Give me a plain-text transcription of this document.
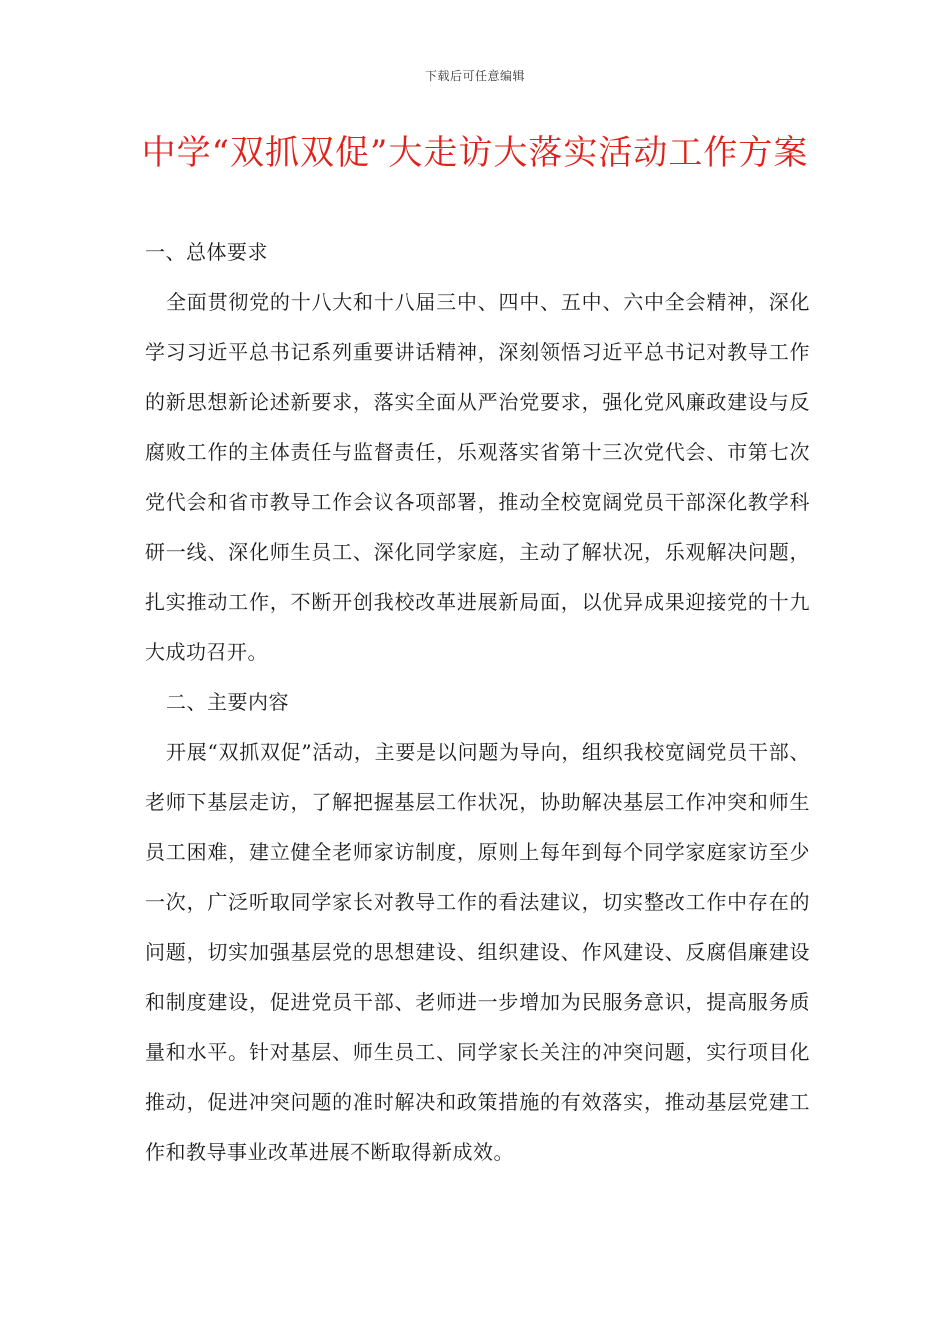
下载后可任意编辑
中学“双抓双促”大走访大落实活动工作方案

一、总体要求

全面贯彻党的十八大和十八届三中、四中、五中、六中全会精神，深化学习习近平总书记系列重要讲话精神，深刻领悟习近平总书记对教导工作的新思想新论述新要求，落实全面从严治党要求，强化党风廉政建设与反腐败工作的主体责任与监督责任，乐观落实省第十三次党代会、市第七次党代会和省市教导工作会议各项部署，推动全校宽阔党员干部深化教学科研一线、深化师生员工、深化同学家庭，主动了解状况，乐观解决问题，扎实推动工作，不断开创我校改革进展新局面，以优异成果迎接党的十九大成功召开。

二、主要内容

开展“双抓双促”活动，主要是以问题为导向，组织我校宽阔党员干部、老师下基层走访，了解把握基层工作状况，协助解决基层工作冲突和师生员工困难，建立健全老师家访制度，原则上每年到每个同学家庭家访至少一次，广泛听取同学家长对教导工作的看法建议，切实整改工作中存在的问题，切实加强基层党的思想建设、组织建设、作风建设、反腐倡廉建设和制度建设，促进党员干部、老师进一步增加为民服务意识，提高服务质量和水平。针对基层、师生员工、同学家长关注的冲突问题，实行项目化推动，促进冲突问题的准时解决和政策措施的有效落实，推动基层党建工作和教导事业改革进展不断取得新成效。
